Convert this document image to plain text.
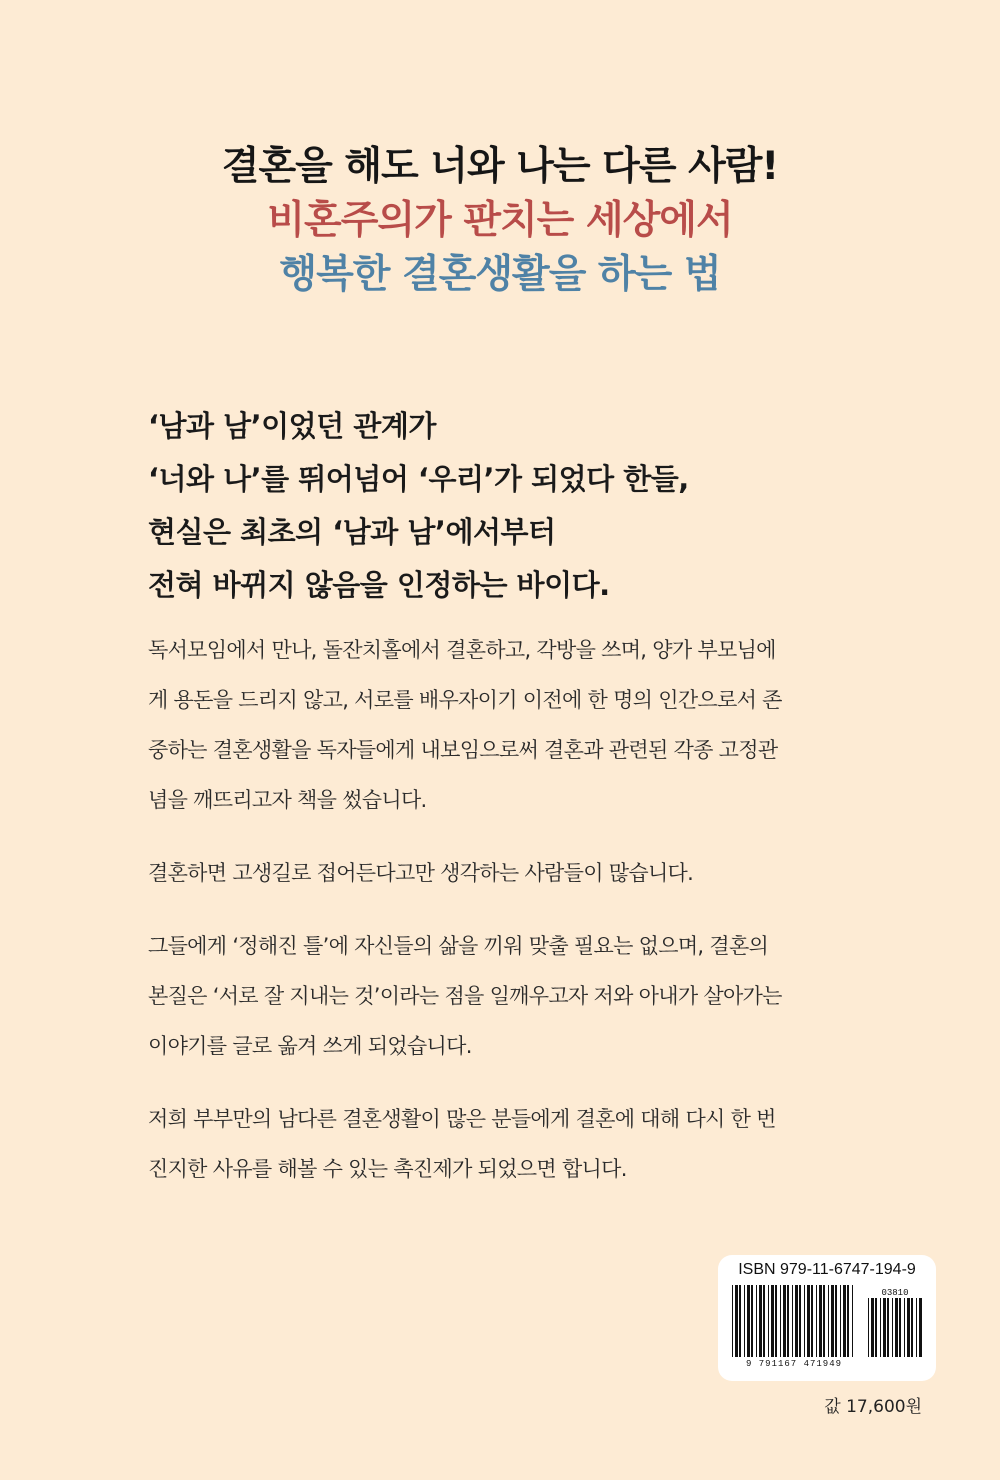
결혼을 해도 너와 나는 다른 사람!
비혼주의가 판치는 세상에서
행복한 결혼생활을 하는 법
‘남과 남’이었던 관계가
‘너와 나’를 뛰어넘어 ‘우리’가 되었다 한들,
현실은 최초의 ‘남과 남’에서부터
전혀 바뀌지 않음을 인정하는 바이다.
독서모임에서 만나, 돌잔치홀에서 결혼하고, 각방을 쓰며, 양가 부모님에
게 용돈을 드리지 않고, 서로를 배우자이기 이전에 한 명의 인간으로서 존
중하는 결혼생활을 독자들에게 내보임으로써 결혼과 관련된 각종 고정관
념을 깨뜨리고자 책을 썼습니다.
결혼하면 고생길로 접어든다고만 생각하는 사람들이 많습니다.
그들에게 ‘정해진 틀’에 자신들의 삶을 끼워 맞출 필요는 없으며, 결혼의
본질은 ‘서로 잘 지내는 것’이라는 점을 일깨우고자 저와 아내가 살아가는
이야기를 글로 옮겨 쓰게 되었습니다.
저희 부부만의 남다른 결혼생활이 많은 분들에게 결혼에 대해 다시 한 번
진지한 사유를 해볼 수 있는 촉진제가 되었으면 합니다.
ISBN 979-11-6747-194-9
03810
9 791167 471949
값 17,600원
